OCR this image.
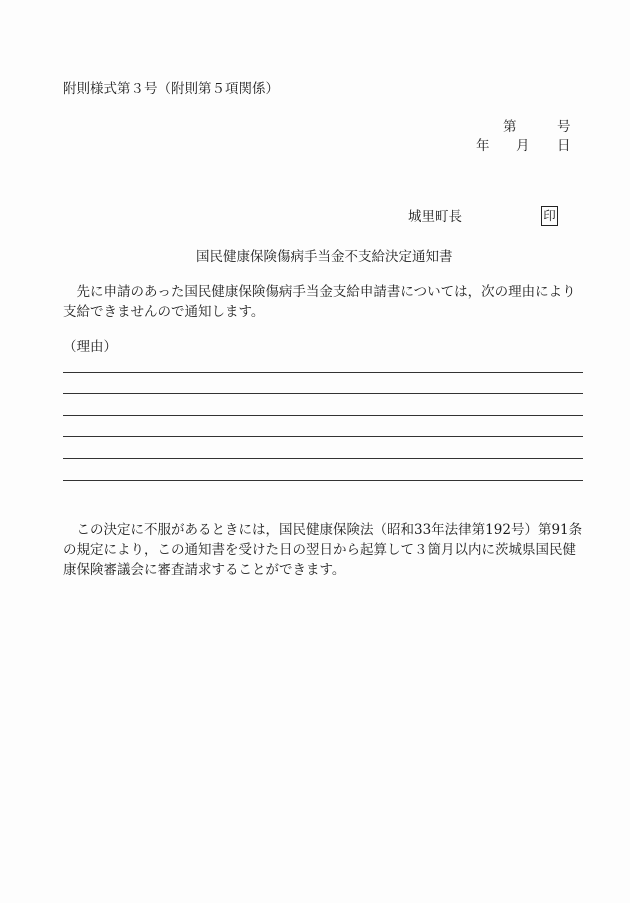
附則様式第３号（附則第５項関係）
第	号
年 月 日
城里町長	印
国民健康保険傷病手当金不支給決定通知書

先に申請のあった国民健康保険傷病手当金支給申請書については，次の理由により支給できませんので通知します。

（理由）

この決定に不服があるときには，国民健康保険法（昭和33年法律第192号）第91条の規定により，この通知書を受けた日の翌日から起算して３箇月以内に茨城県国民健康保険審議会に審査請求することができます。
